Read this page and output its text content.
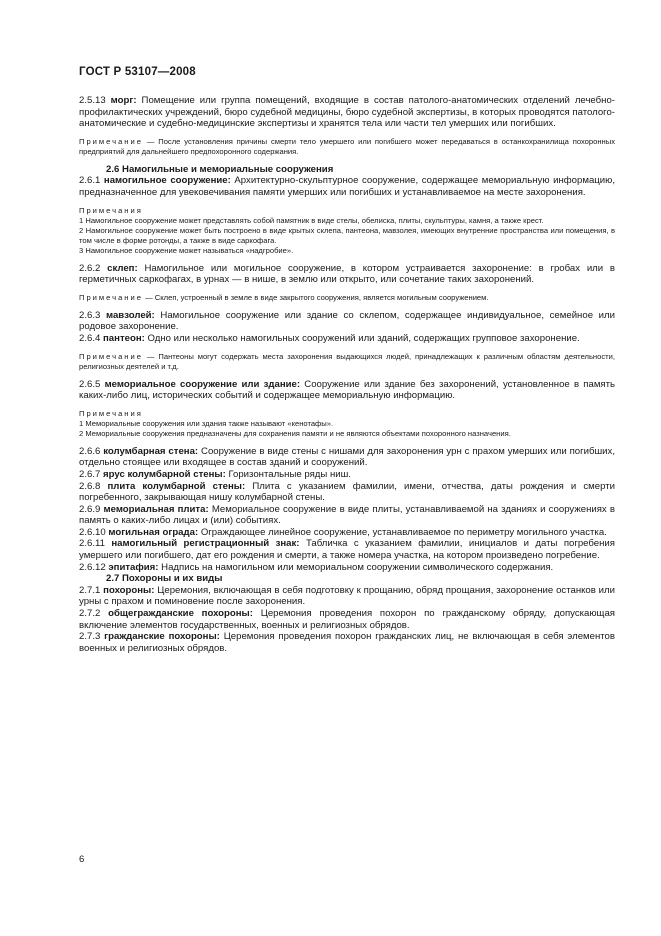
ГОСТ Р 53107—2008

2.5.13 морг: Помещение или группа помещений, входящие в состав патолого-анатомических отделений лечебно-профилактических учреждений, бюро судебной медицины, бюро судебной экспертизы, в которых проводятся патолого-анатомические и судебно-медицинские экспертизы и хранятся тела или части тел умерших или погибших.

Примечание — После установления причины смерти тело умершего или погибшего может передаваться в останкохранилища похоронных предприятий для дальнейшего предпохоронного содержания.

2.6 Намогильные и мемориальные сооружения

2.6.1 намогильное сооружение: Архитектурно-скульптурное сооружение, содержащее мемориальную информацию, предназначенное для увековечивания памяти умерших или погибших и устанавливаемое на месте захоронения.

Примечания

1 Намогильное сооружение может представлять собой памятник в виде стелы, обелиска, плиты, скульптуры, камня, а также крест.

2 Намогильное сооружение может быть построено в виде крытых склепа, пантеона, мавзолея, имеющих внутренние пространства или помещения, в том числе в форме ротонды, а также в виде саркофага.

3 Намогильное сооружение может называться «надгробие».

2.6.2 склеп: Намогильное или могильное сооружение, в котором устраивается захоронение: в гробах или в герметичных саркофагах, в урнах — в нише, в землю или открыто, или сочетание таких захоронений.

Примечание — Склеп, устроенный в земле в виде закрытого сооружения, является могильным сооружением.

2.6.3 мавзолей: Намогильное сооружение или здание со склепом, содержащее индивидуальное, семейное или родовое захоронение.

2.6.4 пантеон: Одно или несколько намогильных сооружений или зданий, содержащих групповое захоронение.

Примечание — Пантеоны могут содержать места захоронения выдающихся людей, принадлежащих к различным областям деятельности, религиозных деятелей и т.д.

2.6.5 мемориальное сооружение или здание: Сооружение или здание без захоронений, установленное в память каких-либо лиц, исторических событий и содержащее мемориальную информацию.

Примечания

1 Мемориальные сооружения или здания также называют «кенотафы».

2 Мемориальные сооружения предназначены для сохранения памяти и не являются объектами похоронного назначения.

2.6.6 колумбарная стена: Сооружение в виде стены с нишами для захоронения урн с прахом умерших или погибших, отдельно стоящее или входящее в состав зданий и сооружений.

2.6.7 ярус колумбарной стены: Горизонтальные ряды ниш.

2.6.8 плита колумбарной стены: Плита с указанием фамилии, имени, отчества, даты рождения и смерти погребенного, закрывающая нишу колумбарной стены.

2.6.9 мемориальная плита: Мемориальное сооружение в виде плиты, устанавливаемой на зданиях и сооружениях в память о каких-либо лицах и (или) событиях.

2.6.10 могильная ограда: Ограждающее линейное сооружение, устанавливаемое по периметру могильного участка.

2.6.11 намогильный регистрационный знак: Табличка с указанием фамилии, инициалов и даты погребения умершего или погибшего, дат его рождения и смерти, а также номера участка, на котором произведено погребение.

2.6.12 эпитафия: Надпись на намогильном или мемориальном сооружении символического содержания.

2.7 Похороны и их виды

2.7.1 похороны: Церемония, включающая в себя подготовку к прощанию, обряд прощания, захоронение останков или урны с прахом и поминовение после захоронения.

2.7.2 общегражданские похороны: Церемония проведения похорон по гражданскому обряду, допускающая включение элементов государственных, военных и религиозных обрядов.

2.7.3 гражданские похороны: Церемония проведения похорон гражданских лиц, не включающая в себя элементов военных и религиозных обрядов.

6
